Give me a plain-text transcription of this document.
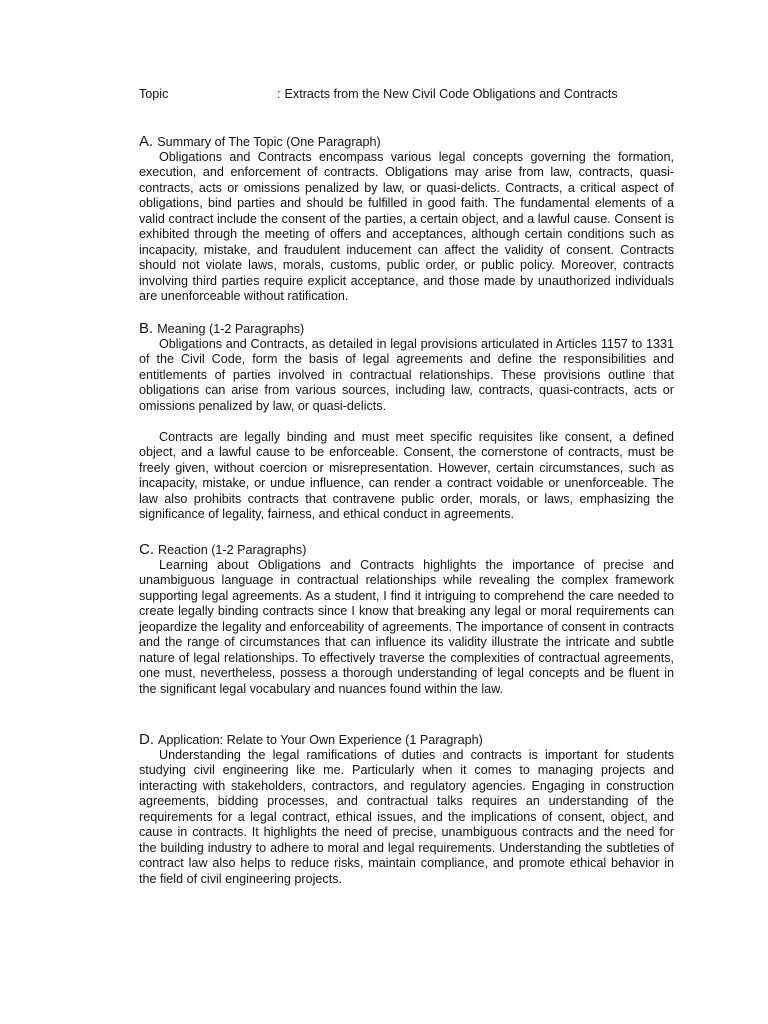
Topic	: Extracts from the New Civil Code Obligations and Contracts
A. Summary of The Topic (One Paragraph)

Obligations and Contracts encompass various legal concepts governing the formation, execution, and enforcement of contracts. Obligations may arise from law, contracts, quasi-contracts, acts or omissions penalized by law, or quasi-delicts. Contracts, a critical aspect of obligations, bind parties and should be fulfilled in good faith. The fundamental elements of a valid contract include the consent of the parties, a certain object, and a lawful cause. Consent is exhibited through the meeting of offers and acceptances, although certain conditions such as incapacity, mistake, and fraudulent inducement can affect the validity of consent. Contracts should not violate laws, morals, customs, public order, or public policy. Moreover, contracts involving third parties require explicit acceptance, and those made by unauthorized individuals are unenforceable without ratification.

B. Meaning (1-2 Paragraphs)

Obligations and Contracts, as detailed in legal provisions articulated in Articles 1157 to 1331 of the Civil Code, form the basis of legal agreements and define the responsibilities and entitlements of parties involved in contractual relationships. These provisions outline that obligations can arise from various sources, including law, contracts, quasi-contracts, acts or omissions penalized by law, or quasi-delicts.

Contracts are legally binding and must meet specific requisites like consent, a defined object, and a lawful cause to be enforceable. Consent, the cornerstone of contracts, must be freely given, without coercion or misrepresentation. However, certain circumstances, such as incapacity, mistake, or undue influence, can render a contract voidable or unenforceable. The law also prohibits contracts that contravene public order, morals, or laws, emphasizing the significance of legality, fairness, and ethical conduct in agreements.

C. Reaction (1-2 Paragraphs)

Learning about Obligations and Contracts highlights the importance of precise and unambiguous language in contractual relationships while revealing the complex framework supporting legal agreements. As a student, I find it intriguing to comprehend the care needed to create legally binding contracts since I know that breaking any legal or moral requirements can jeopardize the legality and enforceability of agreements. The importance of consent in contracts and the range of circumstances that can influence its validity illustrate the intricate and subtle nature of legal relationships. To effectively traverse the complexities of contractual agreements, one must, nevertheless, possess a thorough understanding of legal concepts and be fluent in the significant legal vocabulary and nuances found within the law.

D. Application: Relate to Your Own Experience (1 Paragraph)

Understanding the legal ramifications of duties and contracts is important for students studying civil engineering like me. Particularly when it comes to managing projects and interacting with stakeholders, contractors, and regulatory agencies. Engaging in construction agreements, bidding processes, and contractual talks requires an understanding of the requirements for a legal contract, ethical issues, and the implications of consent, object, and cause in contracts. It highlights the need of precise, unambiguous contracts and the need for the building industry to adhere to moral and legal requirements. Understanding the subtleties of contract law also helps to reduce risks, maintain compliance, and promote ethical behavior in the field of civil engineering projects.
